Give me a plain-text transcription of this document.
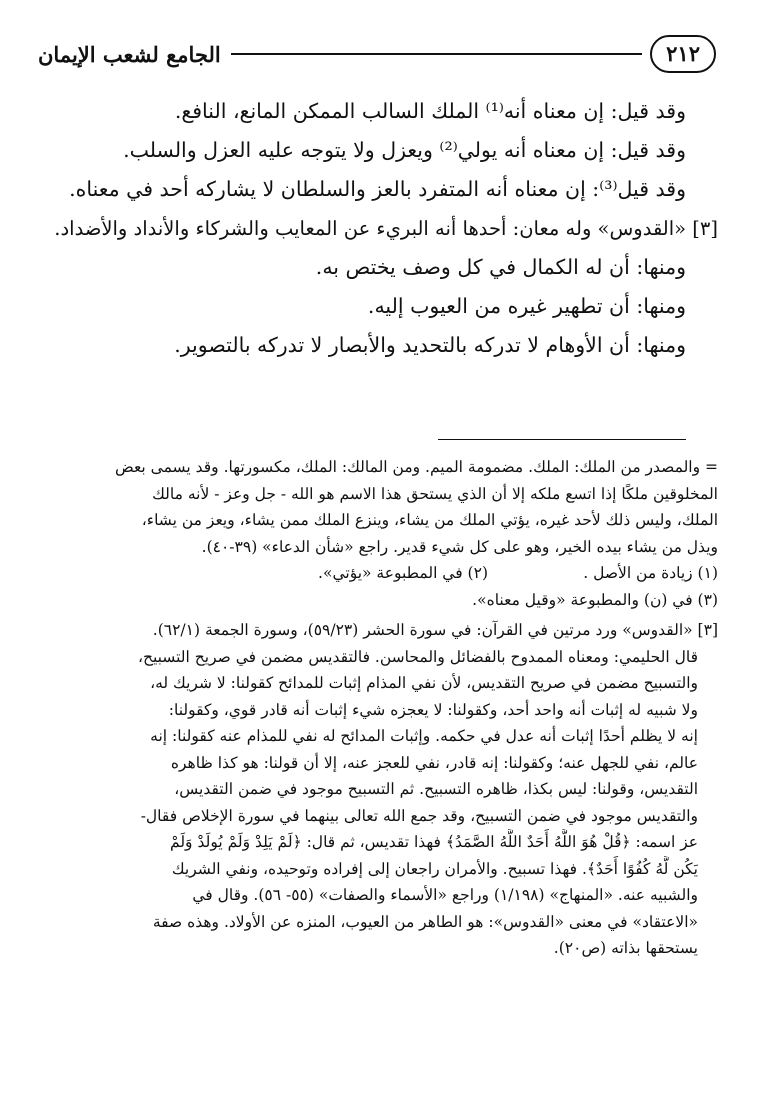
٢١٢
الجامع لشعب الإيمان

وقد قيل: إن معناه أنه⁽¹⁾ الملك السالب الممكن المانع، النافع.

وقد قيل: إن معناه أنه يولي⁽²⁾ ويعزل ولا يتوجه عليه العزل والسلب.

وقد قيل⁽³⁾: إن معناه أنه المتفرد بالعز والسلطان لا يشاركه أحد في معناه.

[٣] «القدوس» وله معان: أحدها أنه البريء عن المعايب والشركاء والأنداد والأضداد.

ومنها: أن له الكمال في كل وصف يختص به.

ومنها: أن تطهير غيره من العيوب إليه.

ومنها: أن الأوهام لا تدركه بالتحديد والأبصار لا تدركه بالتصوير.

= والمصدر من الملك: الملك. مضمومة الميم. ومن المالك: الملك، مكسورتها. وقد يسمى بعض

المخلوقين ملكًا إذا اتسع ملكه إلا أن الذي يستحق هذا الاسم هو الله - جل وعز - لأنه مالك

الملك، وليس ذلك لأحد غيره، يؤتي الملك من يشاء، وينزع الملك ممن يشاء، ويعز من يشاء،

ويذل من يشاء بيده الخير، وهو على كل شيء قدير. راجع «شأن الدعاء» (٣٩-٤٠).

(١) زيادة من الأصل .
(٢) في المطبوعة «يؤتي».

(٣) في (ن) والمطبوعة «وقيل معناه».

[٣] «القدوس» ورد مرتين في القرآن: في سورة الحشر (٥٩/٢٣)، وسورة الجمعة (٦٢/١).

قال الحليمي: ومعناه الممدوح بالفضائل والمحاسن. فالتقديس مضمن في صريح التسبيح،

والتسبيح مضمن في صريح التقديس، لأن نفي المذام إثبات للمدائح كقولنا: لا شريك له،

ولا شبيه له إثبات أنه واحد أحد، وكقولنا: لا يعجزه شيء إثبات أنه قادر قوي، وكقولنا:

إنه لا يظلم أحدًا إثبات أنه عدل في حكمه. وإثبات المدائح له نفي للمذام عنه كقولنا: إنه

عالم، نفي للجهل عنه؛ وكقولنا: إنه قادر، نفي للعجز عنه، إلا أن قولنا: هو كذا ظاهره

التقديس، وقولنا: ليس بكذا، ظاهره التسبيح. ثم التسبيح موجود في ضمن التقديس،

والتقديس موجود في ضمن التسبيح، وقد جمع الله تعالى بينهما في سورة الإخلاص فقال-

عز اسمه: ﴿قُلْ هُوَ اللَّهُ أَحَدٌ اللَّهُ الصَّمَدُ﴾ فهذا تقديس، ثم قال: ﴿لَمْ يَلِدْ وَلَمْ يُولَدْ وَلَمْ

يَكُن لَّهُ كُفُوًا أَحَدٌ﴾. فهذا تسبيح. والأمران راجعان إلى إفراده وتوحيده، ونفي الشريك

والشبيه عنه. «المنهاج» (١/١٩٨) وراجع «الأسماء والصفات» (٥٥- ٥٦). وقال في

«الاعتقاد» في معنى «القدوس»: هو الطاهر من العيوب، المنزه عن الأولاد. وهذه صفة

يستحقها بذاته (ص٢٠).
